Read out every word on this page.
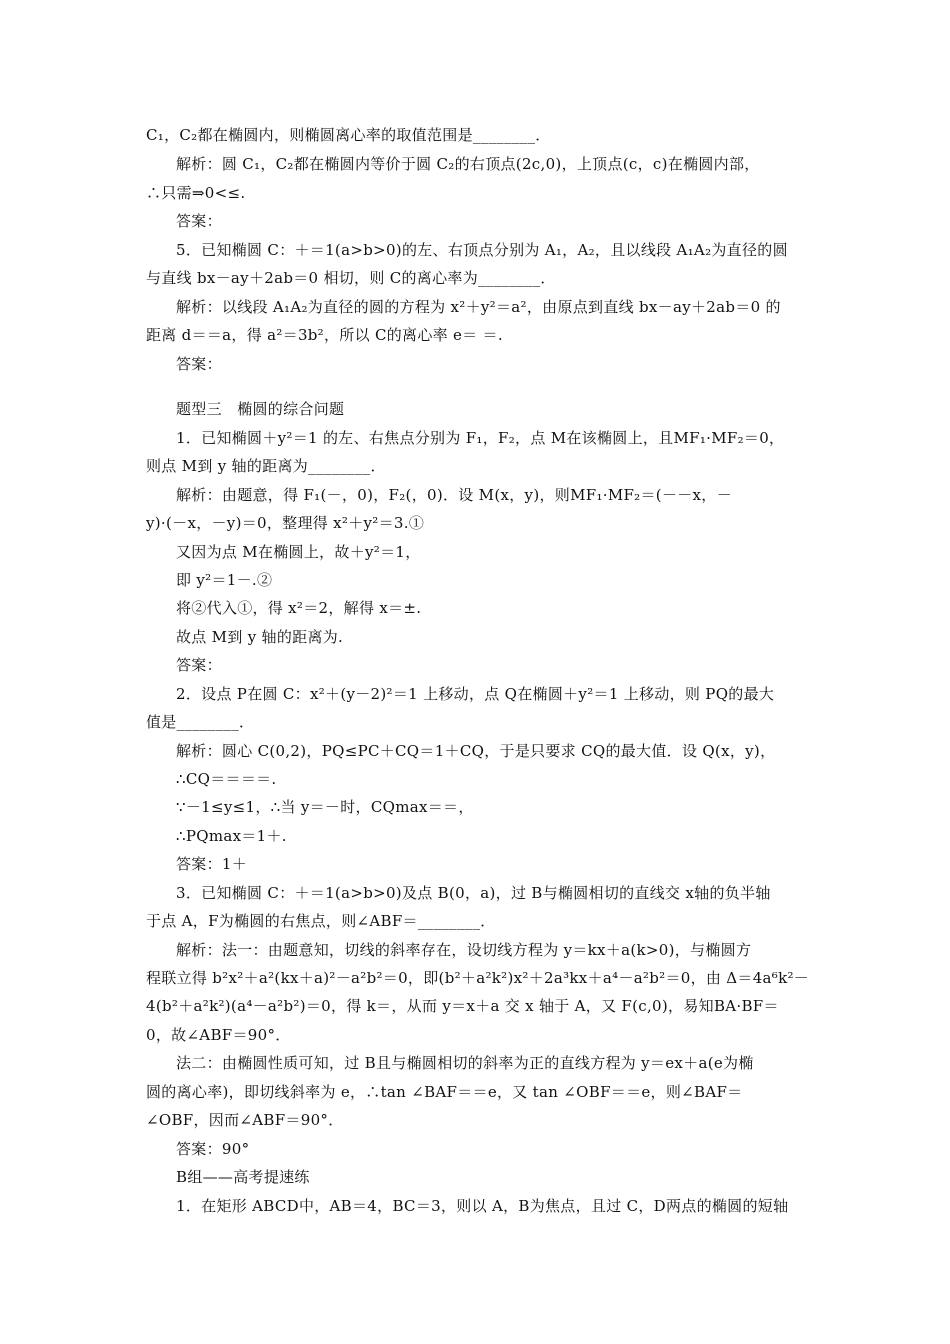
C₁，C₂都在椭圆内，则椭圆离心率的取值范围是________．
解析：圆 C₁，C₂都在椭圆内等价于圆 C₂的右顶点(2c,0)，上顶点(c，c)在椭圆内部，
∴只需⇒0<≤.
答案：
5．已知椭圆 C：＋＝1(a>b>0)的左、右顶点分别为 A₁，A₂，且以线段 A₁A₂为直径的圆
与直线 bx－ay＋2ab＝0 相切，则 C的离心率为________．
解析：以线段 A₁A₂为直径的圆的方程为 x²＋y²＝a²，由原点到直线 bx－ay＋2ab＝0 的
距离 d＝＝a，得 a²＝3b²，所以 C的离心率 e＝ ＝.
答案：
题型三　椭圆的综合问题
1．已知椭圆＋y²＝1 的左、右焦点分别为 F₁，F₂，点 M在该椭圆上，且MF₁·MF₂＝0，
则点 M到 y 轴的距离为________．
解析：由题意，得 F₁(－，0)，F₂(，0)．设 M(x，y)，则MF₁·MF₂＝(－－x，－
y)·(－x，－y)＝0，整理得 x²＋y²＝3.①
又因为点 M在椭圆上，故＋y²＝1，
即 y²＝1－.②
将②代入①，得 x²＝2，解得 x＝±.
故点 M到 y 轴的距离为.
答案：
2．设点 P在圆 C：x²＋(y－2)²＝1 上移动，点 Q在椭圆＋y²＝1 上移动，则 PQ的最大
值是________．
解析：圆心 C(0,2)，PQ≤PC＋CQ＝1＋CQ，于是只要求 CQ的最大值．设 Q(x，y)，
∴CQ＝＝＝＝.
∵－1≤y≤1，∴当 y＝－时，CQmax＝＝，
∴PQmax＝1＋.
答案：1＋
3．已知椭圆 C：＋＝1(a>b>0)及点 B(0，a)，过 B与椭圆相切的直线交 x轴的负半轴
于点 A，F为椭圆的右焦点，则∠ABF＝________．
解析：法一：由题意知，切线的斜率存在，设切线方程为 y＝kx＋a(k>0)，与椭圆方
程联立得 b²x²＋a²(kx＋a)²－a²b²＝0，即(b²＋a²k²)x²＋2a³kx＋a⁴－a²b²＝0，由 Δ＝4a⁶k²－
4(b²＋a²k²)(a⁴－a²b²)＝0，得 k＝，从而 y＝x＋a 交 x 轴于 A，又 F(c,0)，易知BA·BF＝
0，故∠ABF＝90°．
法二：由椭圆性质可知，过 B且与椭圆相切的斜率为正的直线方程为 y＝ex＋a(e为椭
圆的离心率)，即切线斜率为 e，∴tan ∠BAF＝＝e，又 tan ∠OBF＝＝e，则∠BAF＝
∠OBF，因而∠ABF＝90°．
答案：90°
B组——高考提速练
1．在矩形 ABCD中，AB＝4，BC＝3，则以 A，B为焦点，且过 C，D两点的椭圆的短轴
